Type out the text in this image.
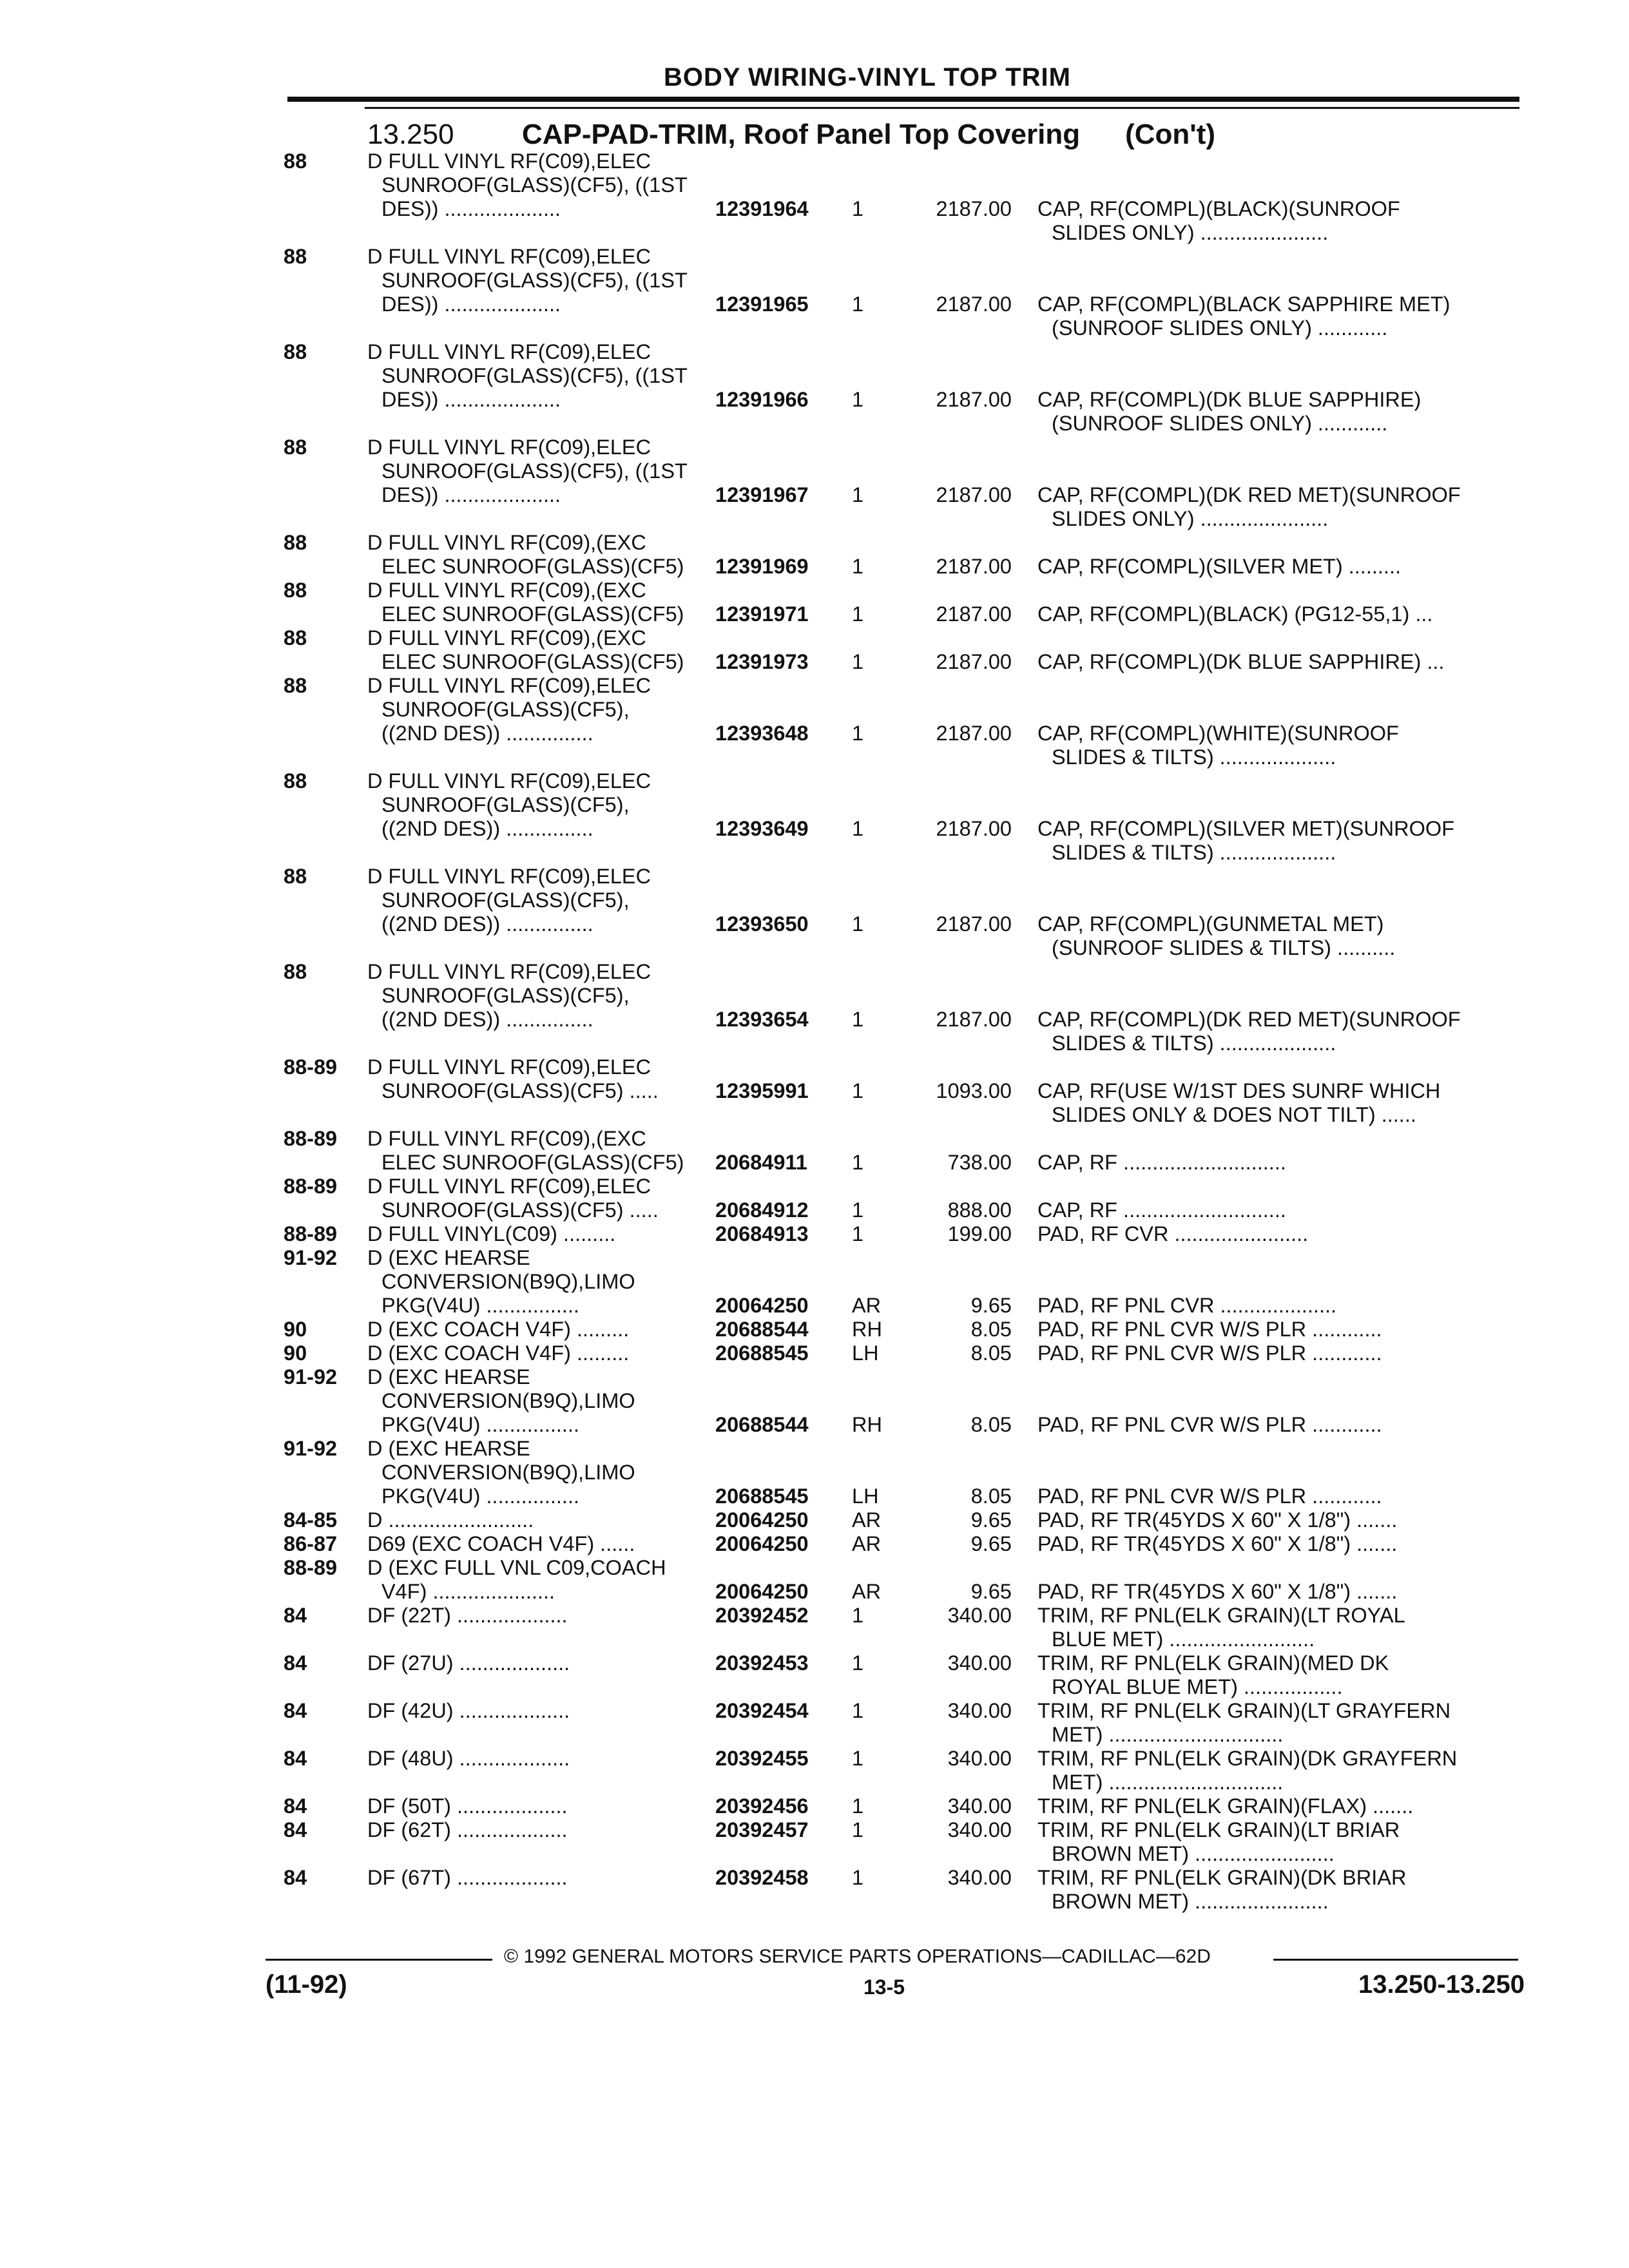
BODY WIRING-VINYL TOP TRIM
13.250 CAP-PAD-TRIM, Roof Panel Top Covering (Con't)
88	D FULL VINYL RF(C09),ELEC
SUNROOF(GLASS)(CF5), ((1ST
DES)) ....................	12391964 1	2187.00 CAP, RF(COMPL)(BLACK)(SUNROOF
SLIDES ONLY) ......................
88	D FULL VINYL RF(C09),ELEC
SUNROOF(GLASS)(CF5), ((1ST
DES)) ....................	12391965 1	2187.00 CAP, RF(COMPL)(BLACK SAPPHIRE MET)
(SUNROOF SLIDES ONLY) ............
88	D FULL VINYL RF(C09),ELEC
SUNROOF(GLASS)(CF5), ((1ST
DES)) ....................	12391966 1	2187.00 CAP, RF(COMPL)(DK BLUE SAPPHIRE)
(SUNROOF SLIDES ONLY) ............
88	D FULL VINYL RF(C09),ELEC
SUNROOF(GLASS)(CF5), ((1ST
DES)) ....................	12391967 1	2187.00 CAP, RF(COMPL)(DK RED MET)(SUNROOF
SLIDES ONLY) ......................
88	D FULL VINYL RF(C09),(EXC
ELEC SUNROOF(GLASS)(CF5) 12391969 1	2187.00 CAP, RF(COMPL)(SILVER MET) .........
88	D FULL VINYL RF(C09),(EXC
ELEC SUNROOF(GLASS)(CF5) 12391971 1	2187.00 CAP, RF(COMPL)(BLACK) (PG12-55,1) ...
88	D FULL VINYL RF(C09),(EXC
ELEC SUNROOF(GLASS)(CF5) 12391973 1	2187.00 CAP, RF(COMPL)(DK BLUE SAPPHIRE) ...
88	D FULL VINYL RF(C09),ELEC
SUNROOF(GLASS)(CF5),
((2ND DES)) ...............	12393648 1	2187.00 CAP, RF(COMPL)(WHITE)(SUNROOF
SLIDES & TILTS) ....................
88	D FULL VINYL RF(C09),ELEC
SUNROOF(GLASS)(CF5),
((2ND DES)) ...............	12393649 1	2187.00 CAP, RF(COMPL)(SILVER MET)(SUNROOF
SLIDES & TILTS) ....................
88	D FULL VINYL RF(C09),ELEC
SUNROOF(GLASS)(CF5),
((2ND DES)) ...............	12393650 1	2187.00 CAP, RF(COMPL)(GUNMETAL MET)
(SUNROOF SLIDES & TILTS) ..........
88	D FULL VINYL RF(C09),ELEC
SUNROOF(GLASS)(CF5),
((2ND DES)) ...............	12393654 1	2187.00 CAP, RF(COMPL)(DK RED MET)(SUNROOF
SLIDES & TILTS) ....................
88-89	D FULL VINYL RF(C09),ELEC
SUNROOF(GLASS)(CF5) .....	12395991 1	1093.00 CAP, RF(USE W/1ST DES SUNRF WHICH
SLIDES ONLY & DOES NOT TILT) ......
88-89	D FULL VINYL RF(C09),(EXC
ELEC SUNROOF(GLASS)(CF5) 20684911 1	738.00 CAP, RF ............................
88-89	D FULL VINYL RF(C09),ELEC
SUNROOF(GLASS)(CF5) .....	20684912 1	888.00 CAP, RF ............................
88-89	D FULL VINYL(C09) .........	20684913 1	199.00 PAD, RF CVR .......................
91-92	D (EXC HEARSE
CONVERSION(B9Q),LIMO
PKG(V4U) ................	20064250 AR	9.65 PAD, RF PNL CVR ....................
90	D (EXC COACH V4F) .........	20688544 RH	8.05 PAD, RF PNL CVR W/S PLR ............
90	D (EXC COACH V4F) .........	20688545 LH	8.05 PAD, RF PNL CVR W/S PLR ............
91-92	D (EXC HEARSE
CONVERSION(B9Q),LIMO
PKG(V4U) ................	20688544 RH	8.05 PAD, RF PNL CVR W/S PLR ............
91-92	D (EXC HEARSE
CONVERSION(B9Q),LIMO
PKG(V4U) ................	20688545 LH	8.05 PAD, RF PNL CVR W/S PLR ............
84-85	D .........................	20064250 AR	9.65 PAD, RF TR(45YDS X 60" X 1/8") .......
86-87	D69 (EXC COACH V4F) ......	20064250 AR	9.65 PAD, RF TR(45YDS X 60" X 1/8") .......
88-89	D (EXC FULL VNL C09,COACH
V4F) .....................	20064250 AR	9.65 PAD, RF TR(45YDS X 60" X 1/8") .......
84	DF (22T) ...................	20392452 1	340.00 TRIM, RF PNL(ELK GRAIN)(LT ROYAL
BLUE MET) .........................
84	DF (27U) ...................	20392453 1	340.00 TRIM, RF PNL(ELK GRAIN)(MED DK
ROYAL BLUE MET) .................
84	DF (42U) ...................	20392454 1	340.00 TRIM, RF PNL(ELK GRAIN)(LT GRAYFERN
MET) ..............................
84	DF (48U) ...................	20392455 1	340.00 TRIM, RF PNL(ELK GRAIN)(DK GRAYFERN
MET) ..............................
84	DF (50T) ...................	20392456 1	340.00 TRIM, RF PNL(ELK GRAIN)(FLAX) .......
84	DF (62T) ...................	20392457 1	340.00 TRIM, RF PNL(ELK GRAIN)(LT BRIAR
BROWN MET) ........................
84	DF (67T) ...................	20392458 1	340.00 TRIM, RF PNL(ELK GRAIN)(DK BRIAR
BROWN MET) .......................
© 1992 GENERAL MOTORS SERVICE PARTS OPERATIONS—CADILLAC—62D
(11-92)	13-5	13.250-13.250
